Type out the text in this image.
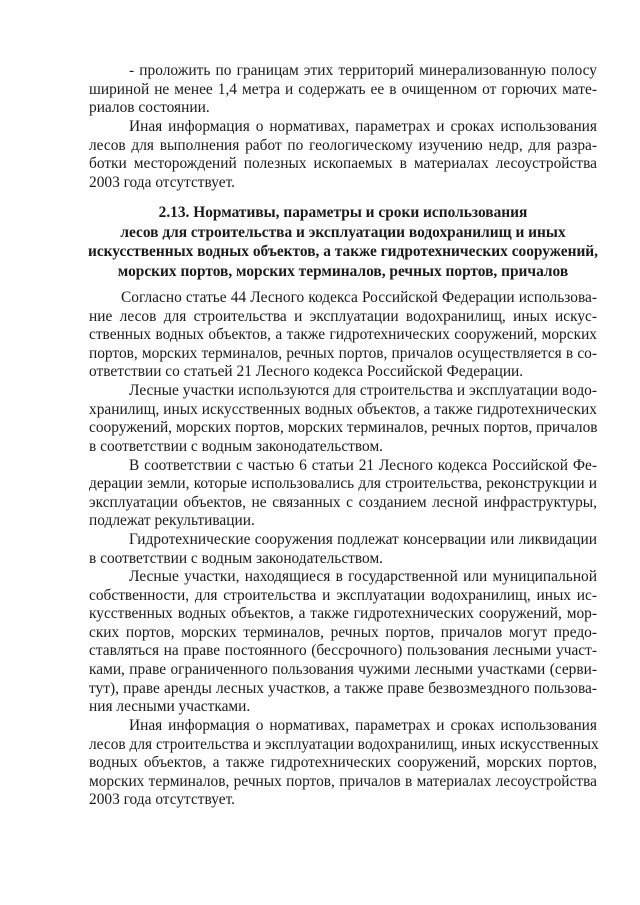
- проложить по границам этих территорий минерализованную полосу
шириной не менее 1,4 метра и содержать ее в очищенном от горючих мате-
риалов состоянии.
Иная информация о нормативах, параметрах и сроках использования
лесов для выполнения работ по геологическому изучению недр, для разра-
ботки месторождений полезных ископаемых в материалах лесоустройства
2003 года отсутствует.
2.13. Нормативы, параметры и сроки использования
лесов для строительства и эксплуатации водохранилищ и иных
искусственных водных объектов, а также гидротехнических сооружений,
морских портов, морских терминалов, речных портов, причалов
Согласно статье 44 Лесного кодекса Российской Федерации использова-
ние лесов для строительства и эксплуатации водохранилищ, иных искус-
ственных водных объектов, а также гидротехнических сооружений, морских
портов, морских терминалов, речных портов, причалов осуществляется в со-
ответствии со статьей 21 Лесного кодекса Российской Федерации.
Лесные участки используются для строительства и эксплуатации водо-
хранилищ, иных искусственных водных объектов, а также гидротехнических
сооружений, морских портов, морских терминалов, речных портов, причалов
в соответствии с водным законодательством.
В соответствии с частью 6 статьи 21 Лесного кодекса Российской Фе-
дерации земли, которые использовались для строительства, реконструкции и
эксплуатации объектов, не связанных с созданием лесной инфраструктуры,
подлежат рекультивации.
Гидротехнические сооружения подлежат консервации или ликвидации
в соответствии с водным законодательством.
Лесные участки, находящиеся в государственной или муниципальной
собственности, для строительства и эксплуатации водохранилищ, иных ис-
кусственных водных объектов, а также гидротехнических сооружений, мор-
ских портов, морских терминалов, речных портов, причалов могут предо-
ставляться на праве постоянного (бессрочного) пользования лесными участ-
ками, праве ограниченного пользования чужими лесными участками (серви-
тут), праве аренды лесных участков, а также праве безвозмездного пользова-
ния лесными участками.
Иная информация о нормативах, параметрах и сроках использования
лесов для строительства и эксплуатации водохранилищ, иных искусственных
водных объектов, а также гидротехнических сооружений, морских портов,
морских терминалов, речных портов, причалов в материалах лесоустройства
2003 года отсутствует.
